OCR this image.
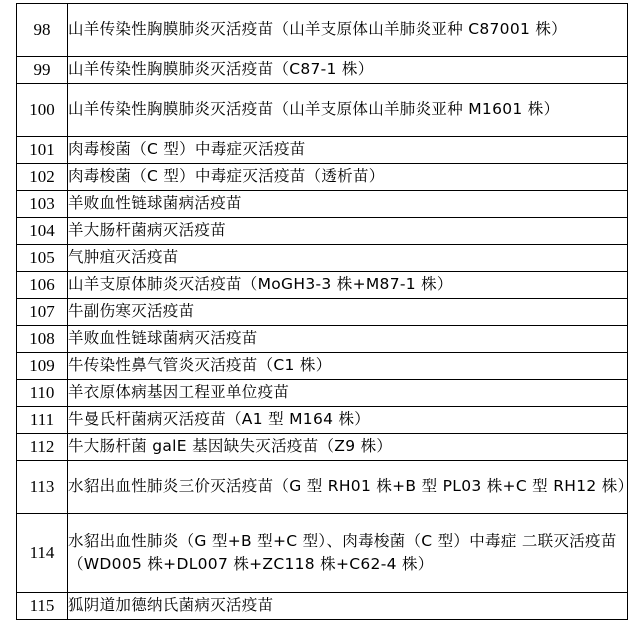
98	山羊传染性胸膜肺炎灭活疫苗（山羊支原体山羊肺炎亚种 C87001 株）
99	山羊传染性胸膜肺炎灭活疫苗（C87-1 株）
100	山羊传染性胸膜肺炎灭活疫苗（山羊支原体山羊肺炎亚种 M1601 株）
101	肉毒梭菌（C 型）中毒症灭活疫苗
102	肉毒梭菌（C 型）中毒症灭活疫苗（透析苗）
103	羊败血性链球菌病活疫苗
104	羊大肠杆菌病灭活疫苗
105	气肿疽灭活疫苗
106	山羊支原体肺炎灭活疫苗（MoGH3-3 株+M87-1 株）
107	牛副伤寒灭活疫苗
108	羊败血性链球菌病灭活疫苗
109	牛传染性鼻气管炎灭活疫苗（C1 株）
110	羊衣原体病基因工程亚单位疫苗
111	牛曼氏杆菌病灭活疫苗（A1 型 M164 株）
112	牛大肠杆菌 galE 基因缺失灭活疫苗（Z9 株）
113	水貂出血性肺炎三价灭活疫苗（G 型 RH01 株+B 型 PL03 株+C 型 RH12 株）
114	水貂出血性肺炎（G 型+B 型+C 型）、肉毒梭菌（C 型）中毒症 二联灭活疫苗（WD005 株+DL007 株+ZC118 株+C62-4 株）
115	狐阴道加德纳氏菌病灭活疫苗
